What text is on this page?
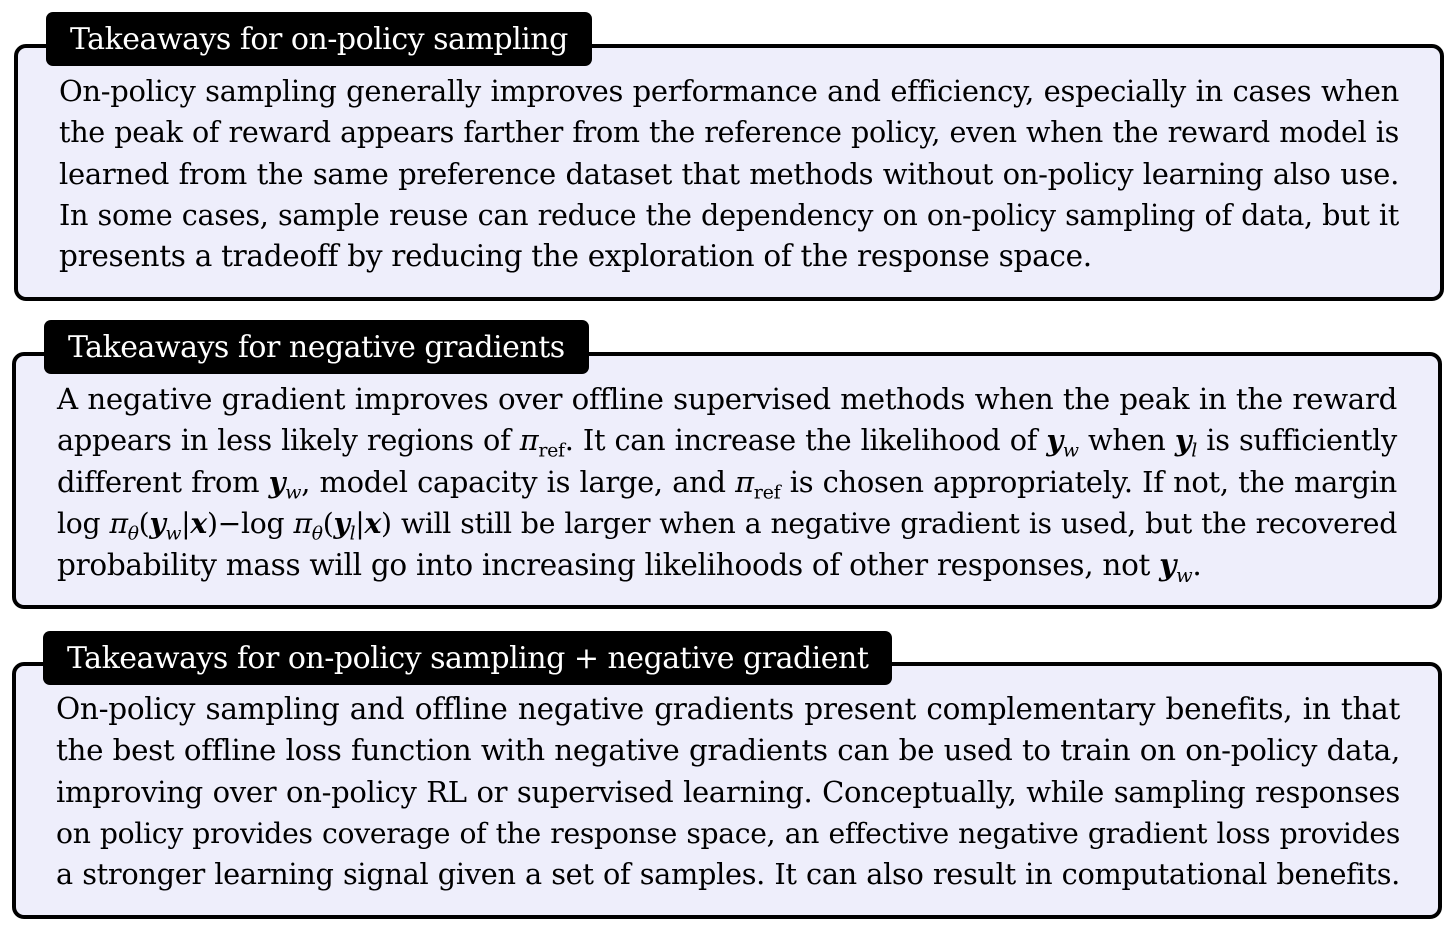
Takeaways for on-policy sampling
On-policy sampling generally improves performance and efficiency, especially in cases when
the peak of reward appears farther from the reference policy, even when the reward model is
learned from the same preference dataset that methods without on-policy learning also use.
In some cases, sample reuse can reduce the dependency on on-policy sampling of data, but it
presents a tradeoff by reducing the exploration of the response space.
Takeaways for negative gradients
A negative gradient improves over offline supervised methods when the peak in the reward
appears in less likely regions of $\pi_{ref}$. It can increase the likelihood of $y_w$ when $y_l$ is sufficiently
different from $y_w$, model capacity is large, and $\pi_{ref}$ is chosen appropriately. If not, the margin
$\log \pi_\theta(y_w|x)-\log$ $\pi_\theta(y_l|x)$ will still be larger when a negative gradient is used, but the recovered
probability mass will go into increasing likelihoods of other responses, not $y_w$.
Takeaways for on-policy sampling + negative gradient
On-policy sampling and offline negative gradients present complementary benefits, in that
the best offline loss function with negative gradients can be used to train on on-policy data,
improving over on-policy RL or supervised learning. Conceptually, while sampling responses
on policy provides coverage of the response space, an effective negative gradient loss provides
a stronger learning signal given a set of samples. It can also result in computational benefits.
